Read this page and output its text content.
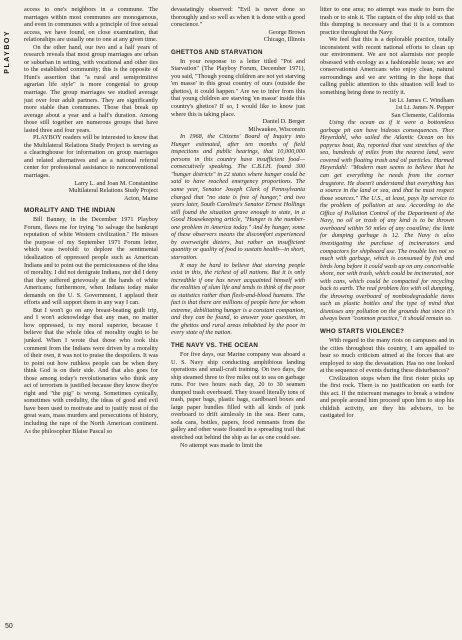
PLAYBOY
50

access to one's neighbors in a commune. The marriages within most communes are monogamous, and even in communes with a principle of free sexual access, we have found, on close examination, that relationships are usually one to one at any given time.

On the other hand, our two and a half years of research reveals that most group marriages are urban or suburban in setting, with vocational and other ties to the established community; this is the opposite of Hunt's assertion that "a rural and semiprimitive agrarian life style" is more congenial to group marriage. The group marriages we studied average just over four adult partners. They are significantly more stable than communes. Those that break up average about a year and a half's duration. Among those still together are numerous groups that have lasted three and four years.

PLAYBOY readers will be interested to know that the Multilateral Relations Study Project is serving as a clearinghouse for information on group marriages and related alternatives and as a national referral center for professional assistance to nonconventional marriages.

Larry L. and Joan M. Constantine

Multilateral Relations Study Project

Acton, Maine

MORALITY AND THE INDIAN

Bill Banney, in the December 1971 Playboy Forum, flaws me for trying "to salvage the bankrupt reputation of white Western civilization." He misses the purpose of my September 1971 Forum letter, which was twofold: to deplore the sentimental idealization of oppressed people such as American Indians and to point out the perniciousness of the idea of morality. I did not denigrate Indians, nor did I deny that they suffered grievously at the hands of white Americans; furthermore, when Indians today make demands on the U. S. Government, I applaud their efforts and will support them in any way I can.

But I won't go on any breast-beating guilt trip, and I won't acknowledge that any man, no matter how oppressed, is my moral superior, because I believe that the whole idea of morality ought to be junked. When I wrote that those who took this comment from the Indians were driven by a morality of their own, it was not to praise the despoilers. It was to point out how ruthless people can be when they think God is on their side. And that also goes for those among today's revolutionaries who think any act of terrorism is justified because they know they're right and "the pig" is wrong. Sometimes cynically, sometimes with credulity, the ideas of good and evil have been used to motivate and to justify most of the great wars, mass murders and persecutions of history, including the rape of the North American continent. As the philosopher Blaise Pascal so

devastatingly observed: "Evil is never done so thoroughly and so well as when it is done with a good conscience."

George Brown

Chicago, Illinois

GHETTOS AND STARVATION

In your response to a letter titled "Pot and Starvation" (The Playboy Forum, December 1971), you said, "Though young children are not yet starving 'en masse' in this great country of ours (outside the ghettos), it could happen." Are we to infer from this that young children are starving 'en masse' inside this country's ghettos? If so, I would like to know just where this is taking place.

Daniel D. Berger

Milwaukee, Wisconsin

In 1968, the Citizens' Board of Inquiry into Hunger estimated, after ten months of field inspections and public hearings, that 10,000,000 persons in this country have insufficient food—consecutively speaking. The C.B.I.H. found 300 "hunger districts" in 22 states where hunger could be said to have reached emergency proportions. The same year, Senator Joseph Clark of Pennsylvania charged that "no state is free of hunger," and two years later, South Carolina's Senator Ernest Hollings still found the situation grave enough to state, in a Good Housekeeping article, "Hunger is the number-one problem in America today." And by hunger, some of these observers means the discomfort experienced by overweight dieters, but rather an insufficient quantity or quality of food to sustain health—in short, starvation.

It may be hard to believe that starving people exist in this, the richest of all nations. But it is only incredible if one has never acquainted himself with the realities of slum life and tends to think of the poor as statistics rather than flesh-and-blood humans. The fact is that there are millions of people here for whom extreme, debilitating hunger is a constant companion, and they can be found, to answer your question, in the ghettos and rural areas inhabited by the poor in every state of the nation.

THE NAVY VS. THE OCEAN

For five days, our Marine company was aboard a U. S. Navy ship conducting amphibious landing operations and small-craft training. On two days, the ship steamed three to five miles out to sea on garbage runs. For two hours each day, 20 to 30 seamen dumped trash overboard. They tossed literally tons of trash, paper bags, plastic bags, cardboard boxes and large paper bundles filled with all kinds of junk overboard to drift aimlessly in the sea. Beer cans, soda cans, bottles, papers, food remnants from the galley and other waste floated in a spreading trail that stretched out behind the ship as far as one could see.

No attempt was made to limit the

litter to one area; no attempt was made to burn the trash or to sink it. The captain of the ship told us that this dumping is necessary and that it is a common practice throughout the Navy.

We feel that this is a deplorable practice, totally inconsistent with recent national efforts to clean up our environment. We are not alarmists nor people obsessed with ecology as a fashionable issue; we are conservationist Americans who enjoy clean, natural surroundings and we are writing in the hope that calling public attention to this situation will lead to something being done to rectify it.

1st Lt. James C. Windham

1st Lt. James N. Pepper

San Clemente, California

Using the ocean as if it were a bottomless garbage pit can have hideous consequences. Thor Heyerdahl, who sailed the Atlantic Ocean on his papyrus boat, Ra, reported that vast stretches of the sea, hundreds of miles from the nearest land, were covered with floating trash and oil particles. Harmed Heyerdahl: "Modern man seems to believe that he can get everything he needs from the corner drugstore. He doesn't understand that everything has a source in the land or sea, and that he must respect those sources." The U.S., at least, pays lip service to the problem of pollution at sea. According to the Office of Pollution Control of the Department of the Navy, no oil or trash of any kind is to be thrown overboard within 50 miles of any coastline; the limit for dumping garbage is 12. The Navy is also investigating the purchase of incinerators and compactors for shipboard use. The trouble lies not so much with garbage, which is consumed by fish and birds long before it could wash up on any conceivable shore, nor with trash, which could be incinerated, nor with cans, which could be compacted for recycling back to earth. The real problem lies with oil dumping, the throwing overboard of nonbiodegradable items such as plastic bottles and the type of mind that dismisses any pollution on the grounds that since it's always been "common practice," it should remain so.

WHO STARTS VIOLENCE?

With regard to the many riots on campuses and in the cities throughout this country, I am appalled to hear so much criticism aimed at the forces that are employed to stop the devastation. Has no one looked at the sequence of events during these disturbances?

Civilization stops when the first rioter picks up the first rock. There is no justification on earth for this act. If the miscreant manages to break a window and people around him proceed upon him to stop his childish activity, are they his advisors, to be castigated for
